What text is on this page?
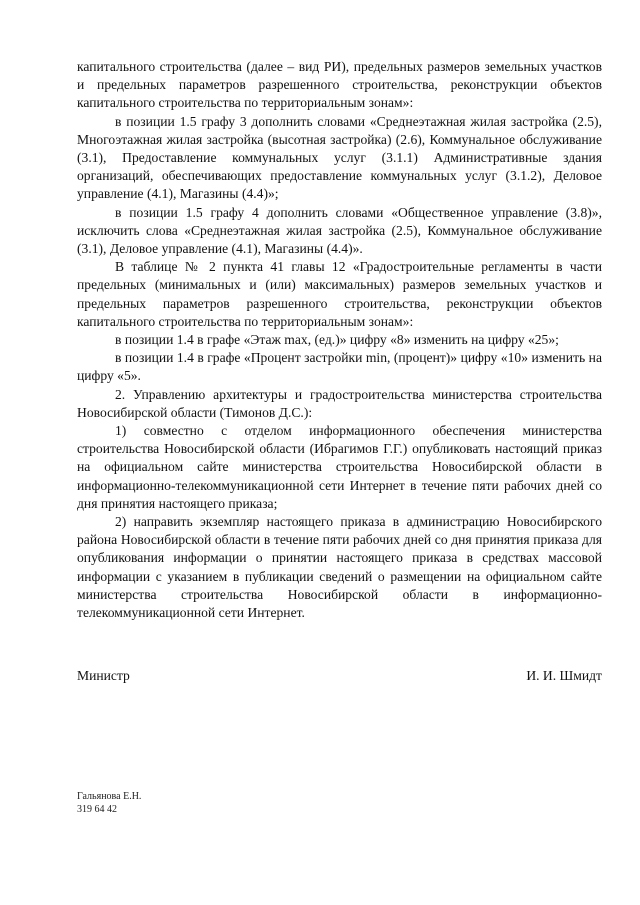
капитального строительства (далее – вид РИ), предельных размеров земельных участков и предельных параметров разрешенного строительства, реконструкции объектов капитального строительства по территориальным зонам»:

в позиции 1.5 графу 3 дополнить словами «Среднеэтажная жилая застройка (2.5), Многоэтажная жилая застройка (высотная застройка) (2.6), Коммунальное обслуживание (3.1), Предоставление коммунальных услуг (3.1.1) Административные здания организаций, обеспечивающих предоставление коммунальных услуг (3.1.2), Деловое управление (4.1), Магазины (4.4)»;

в позиции 1.5 графу 4 дополнить словами «Общественное управление (3.8)», исключить слова «Среднеэтажная жилая застройка (2.5), Коммунальное обслуживание (3.1), Деловое управление (4.1), Магазины (4.4)».

В таблице № 2 пункта 41 главы 12 «Градостроительные регламенты в части предельных (минимальных и (или) максимальных) размеров земельных участков и предельных параметров разрешенного строительства, реконструкции объектов капитального строительства по территориальным зонам»:

в позиции 1.4 в графе «Этаж max, (ед.)» цифру «8» изменить на цифру «25»;

в позиции 1.4 в графе «Процент застройки min, (процент)» цифру «10» изменить на цифру «5».

2. Управлению архитектуры и градостроительства министерства строительства Новосибирской области (Тимонов Д.С.):

1) совместно с отделом информационного обеспечения министерства строительства Новосибирской области (Ибрагимов Г.Г.) опубликовать настоящий приказ на официальном сайте министерства строительства Новосибирской области в информационно-телекоммуникационной сети Интернет в течение пяти рабочих дней со дня принятия настоящего приказа;

2) направить экземпляр настоящего приказа в администрацию Новосибирского района Новосибирской области в течение пяти рабочих дней со дня принятия приказа для опубликования информации о принятии настоящего приказа в средствах массовой информации с указанием в публикации сведений о размещении на официальном сайте министерства строительства Новосибирской области в информационно-телекоммуникационной сети Интернет.

Министр	И. И. Шмидт
Гальянова Е.Н.
319 64 42
